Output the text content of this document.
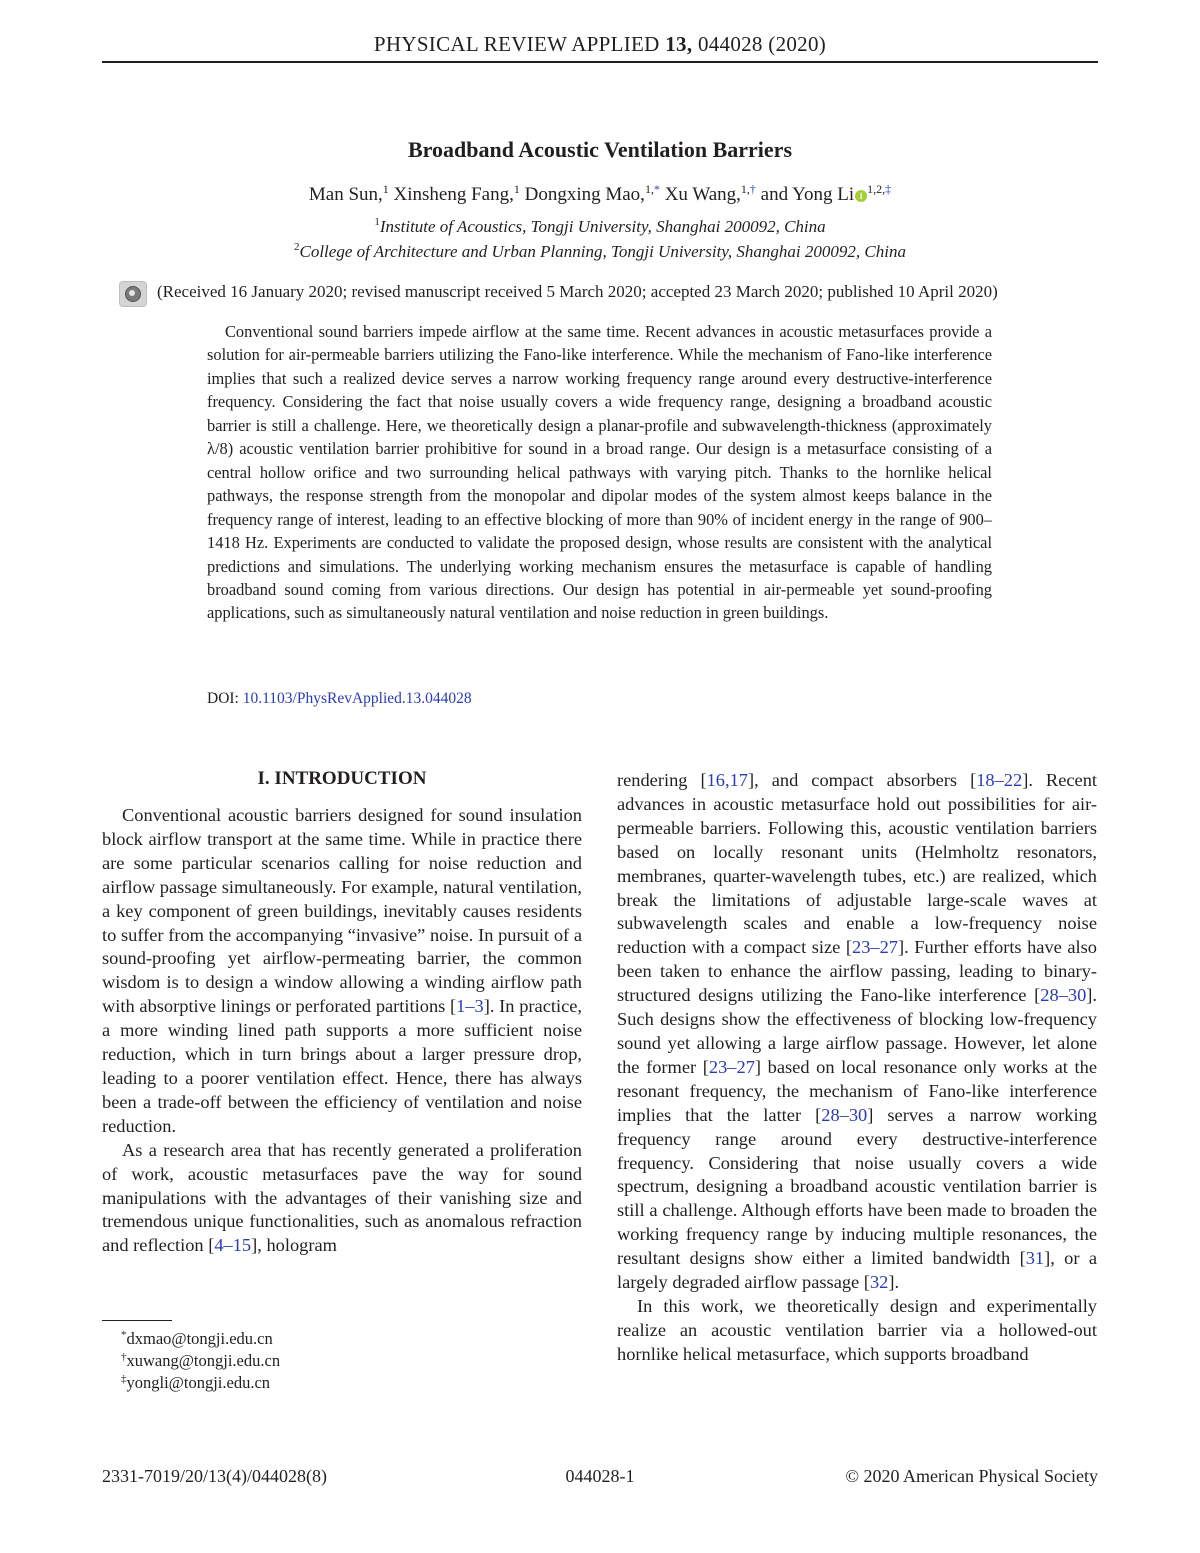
PHYSICAL REVIEW APPLIED 13, 044028 (2020)
Broadband Acoustic Ventilation Barriers
Man Sun,$^1$ Xinsheng Fang,$^1$ Dongxing Mao,$^{1,*}$ Xu Wang,$^{1,\dagger}$ and Yong Li i $^{1,2,\ddagger}$
$^1$Institute of Acoustics, Tongji University, Shanghai 200092, China
$^2$College of Architecture and Urban Planning, Tongji University, Shanghai 200092, China
(Received 16 January 2020; revised manuscript received 5 March 2020; accepted 23 March 2020; published 10 April 2020)

Conventional sound barriers impede airflow at the same time. Recent advances in acoustic metasurfaces provide a solution for air-permeable barriers utilizing the Fano-like interference. While the mechanism of Fano-like interference implies that such a realized device serves a narrow working frequency range around every destructive-interference frequency. Considering the fact that noise usually covers a wide frequency range, designing a broadband acoustic barrier is still a challenge. Here, we theoretically design a planar-profile and subwavelength-thickness (approximately λ/8) acoustic ventilation barrier prohibitive for sound in a broad range. Our design is a metasurface consisting of a central hollow orifice and two surrounding helical pathways with varying pitch. Thanks to the hornlike helical pathways, the response strength from the monopolar and dipolar modes of the system almost keeps balance in the frequency range of interest, leading to an effective blocking of more than 90% of incident energy in the range of 900–1418 Hz. Experiments are conducted to validate the proposed design, whose results are consistent with the analytical predictions and simulations. The underlying working mechanism ensures the metasurface is capable of handling broadband sound coming from various directions. Our design has potential in air-permeable yet sound-proofing applications, such as simultaneously natural ventilation and noise reduction in green buildings.

DOI: 10.1103/PhysRevApplied.13.044028
I. INTRODUCTION

Conventional acoustic barriers designed for sound insulation block airflow transport at the same time. While in practice there are some particular scenarios calling for noise reduction and airflow passage simultaneously. For example, natural ventilation, a key component of green buildings, inevitably causes residents to suffer from the accompanying “invasive” noise. In pursuit of a sound-proofing yet airflow-permeating barrier, the common wisdom is to design a window allowing a winding airflow path with absorptive linings or perforated partitions [1–3]. In practice, a more winding lined path supports a more sufficient noise reduction, which in turn brings about a larger pressure drop, leading to a poorer ventilation effect. Hence, there has always been a trade-off between the efficiency of ventilation and noise reduction.

As a research area that has recently generated a proliferation of work, acoustic metasurfaces pave the way for sound manipulations with the advantages of their vanishing size and tremendous unique functionalities, such as anomalous refraction and reflection [4–15], hologram

rendering [16,17], and compact absorbers [18–22]. Recent advances in acoustic metasurface hold out possibilities for air-permeable barriers. Following this, acoustic ventilation barriers based on locally resonant units (Helmholtz resonators, membranes, quarter-wavelength tubes, etc.) are realized, which break the limitations of adjustable large-scale waves at subwavelength scales and enable a low-frequency noise reduction with a compact size [23–27]. Further efforts have also been taken to enhance the airflow passing, leading to binary-structured designs utilizing the Fano-like interference [28–30]. Such designs show the effectiveness of blocking low-frequency sound yet allowing a large airflow passage. However, let alone the former [23–27] based on local resonance only works at the resonant frequency, the mechanism of Fano-like interference implies that the latter [28–30] serves a narrow working frequency range around every destructive-interference frequency. Considering that noise usually covers a wide spectrum, designing a broadband acoustic ventilation barrier is still a challenge. Although efforts have been made to broaden the working frequency range by inducing multiple resonances, the resultant designs show either a limited bandwidth [31], or a largely degraded airflow passage [32].

In this work, we theoretically design and experimentally realize an acoustic ventilation barrier via a hollowed-out hornlike helical metasurface, which supports broadband

*dxmao@tongji.edu.cn
†xuwang@tongji.edu.cn
‡yongli@tongji.edu.cn
2331-7019/20/13(4)/044028(8)	044028-1	© 2020 American Physical Society
